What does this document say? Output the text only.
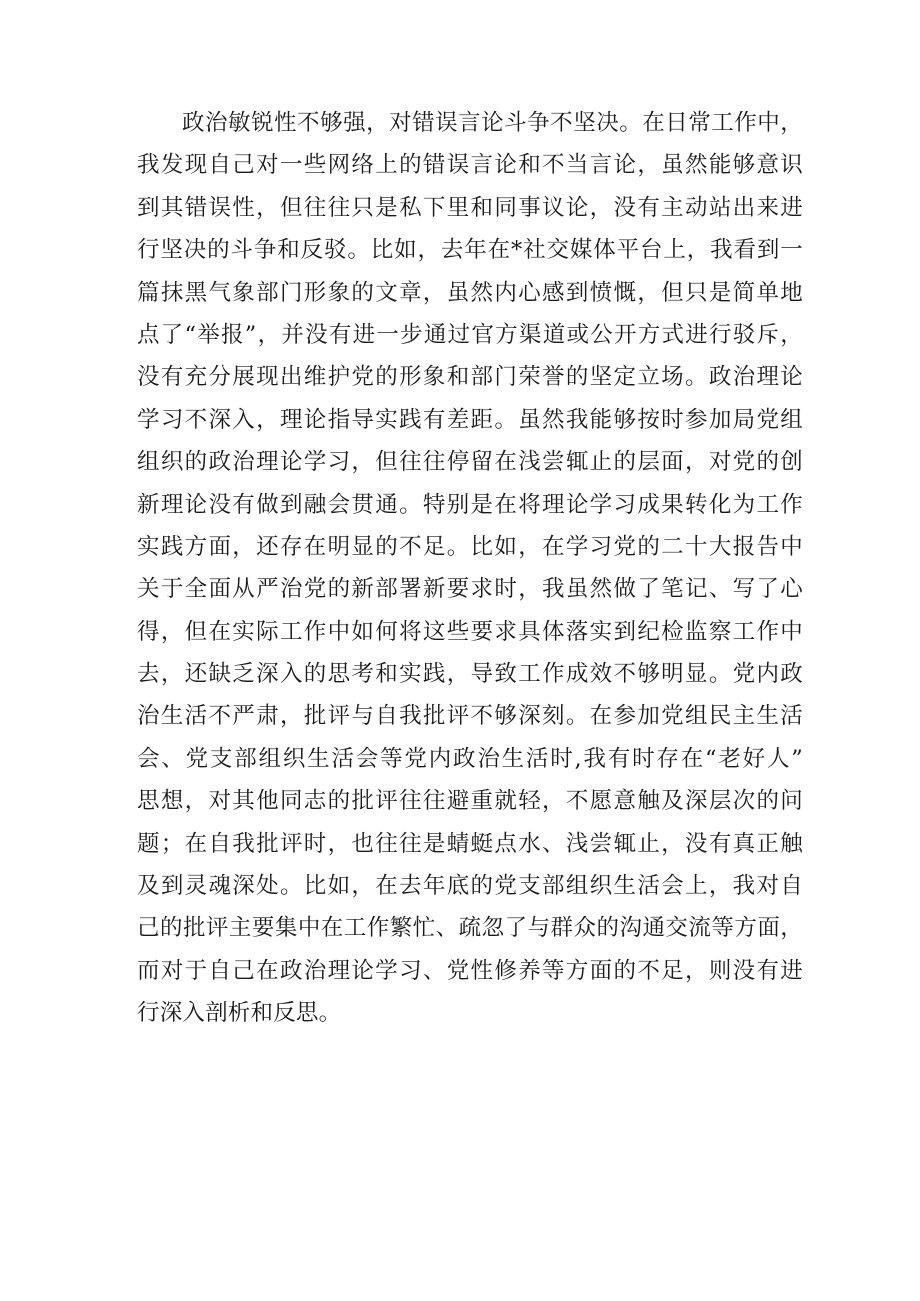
政治敏锐性不够强，对错误言论斗争不坚决。在日常工作中，
我发现自己对一些网络上的错误言论和不当言论，虽然能够意识
到其错误性，但往往只是私下里和同事议论，没有主动站出来进
行坚决的斗争和反驳。比如，去年在*社交媒体平台上，我看到一
篇抹黑气象部门形象的文章，虽然内心感到愤慨，但只是简单地
点了“举报”，并没有进一步通过官方渠道或公开方式进行驳斥，
没有充分展现出维护党的形象和部门荣誉的坚定立场。政治理论
学习不深入，理论指导实践有差距。虽然我能够按时参加局党组
组织的政治理论学习，但往往停留在浅尝辄止的层面，对党的创
新理论没有做到融会贯通。特别是在将理论学习成果转化为工作
实践方面，还存在明显的不足。比如，在学习党的二十大报告中
关于全面从严治党的新部署新要求时，我虽然做了笔记、写了心
得，但在实际工作中如何将这些要求具体落实到纪检监察工作中
去，还缺乏深入的思考和实践，导致工作成效不够明显。党内政
治生活不严肃，批评与自我批评不够深刻。在参加党组民主生活
会、党支部组织生活会等党内政治生活时,我有时存在“老好人”
思想，对其他同志的批评往往避重就轻，不愿意触及深层次的问
题；在自我批评时，也往往是蜻蜓点水、浅尝辄止，没有真正触
及到灵魂深处。比如，在去年底的党支部组织生活会上，我对自
己的批评主要集中在工作繁忙、疏忽了与群众的沟通交流等方面，
而对于自己在政治理论学习、党性修养等方面的不足，则没有进
行深入剖析和反思。
